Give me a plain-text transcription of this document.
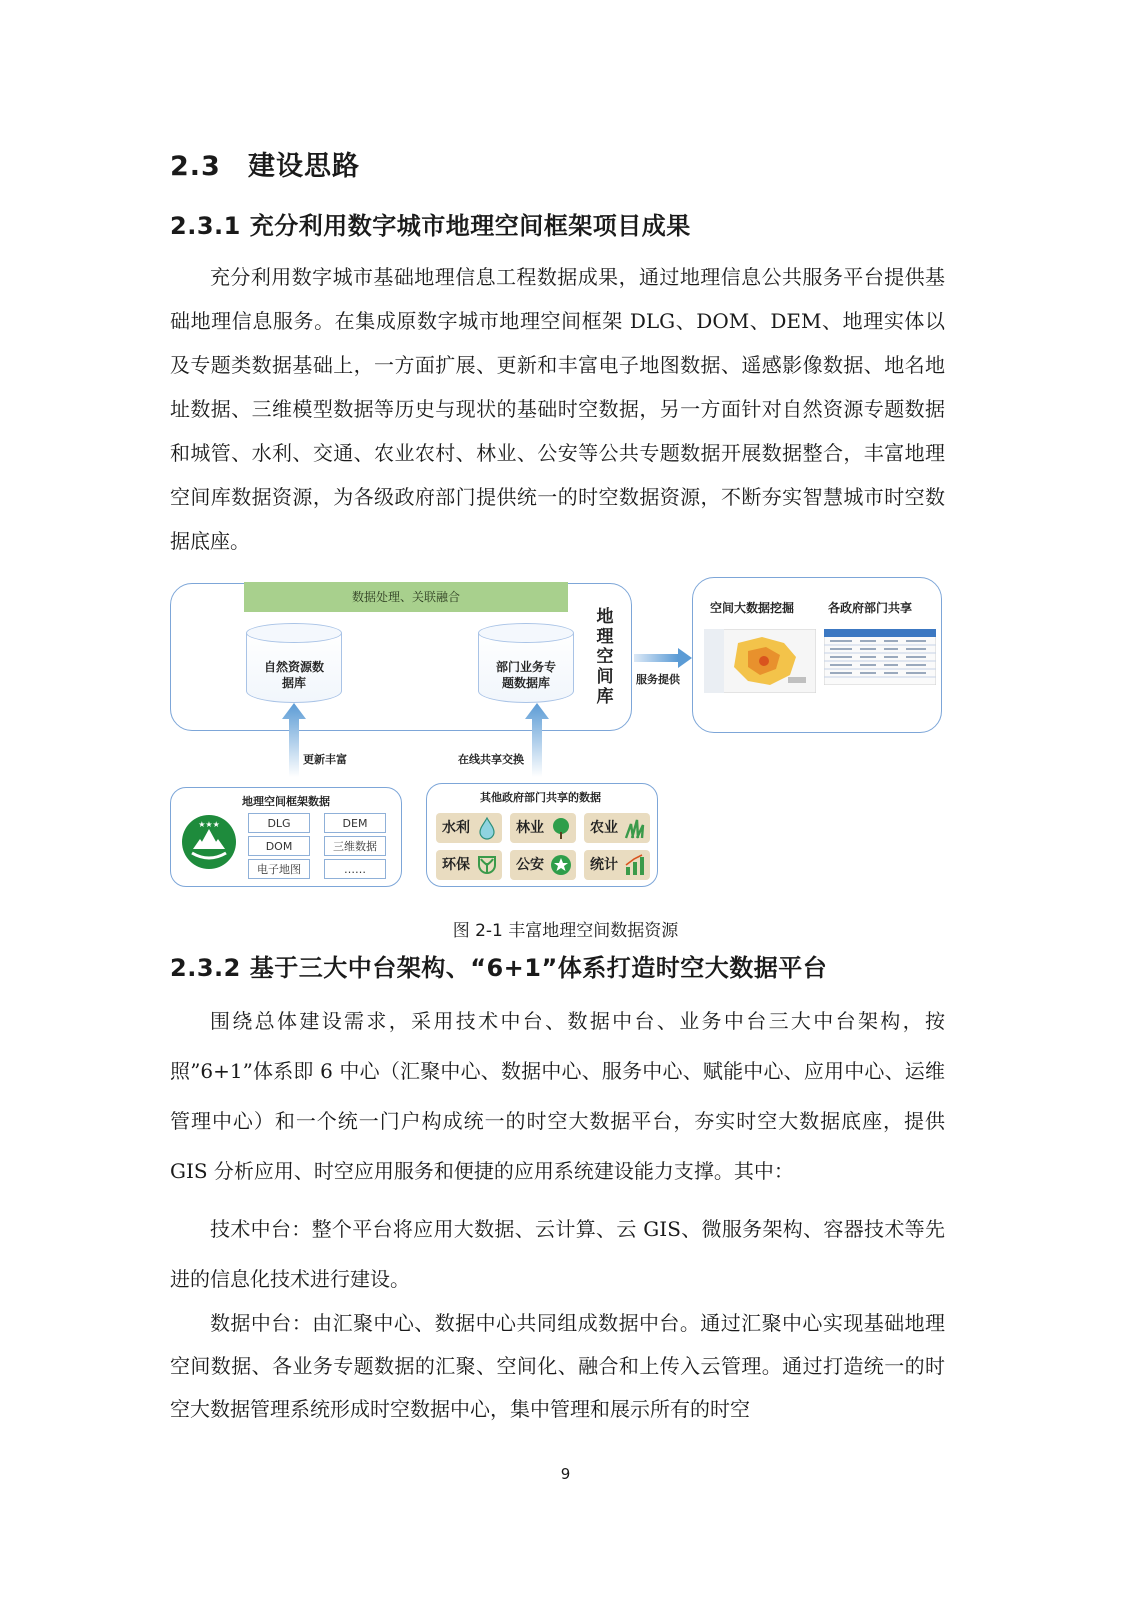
2.3 建设思路
2.3.1 充分利用数字城市地理空间框架项目成果

充分利用数字城市基础地理信息工程数据成果，通过地理信息公共服务平台提供基础地理信息服务。在集成原数字城市地理空间框架 DLG、DOM、DEM、地理实体以及专题类数据基础上，一方面扩展、更新和丰富电子地图数据、遥感影像数据、地名地址数据、三维模型数据等历史与现状的基础时空数据，另一方面针对自然资源专题数据和城管、水利、交通、农业农村、林业、公安等公共专题数据开展数据整合，丰富地理空间库数据资源，为各级政府部门提供统一的时空数据资源，不断夯实智慧城市时空数据底座。

数据处理、关联融合
自然资源数据库
部门业务专题数据库
地
理
空
间
库
服务提供
空间大数据挖掘	各政府部门共享
更新丰富	在线共享交换
地理空间框架数据
★★★	DLG	DEM
DOM	三维数据
电子地图	……
其他政府部门共享的数据
水利	林业	农业
环保	公安	统计
图 2-1 丰富地理空间数据资源
2.3.2 基于三大中台架构、“6+1”体系打造时空大数据平台

围绕总体建设需求，采用技术中台、数据中台、业务中台三大中台架构，按照”6+1”体系即 6 中心（汇聚中心、数据中心、服务中心、赋能中心、应用中心、运维管理中心）和一个统一门户构成统一的时空大数据平台，夯实时空大数据底座，提供 GIS 分析应用、时空应用服务和便捷的应用系统建设能力支撑。其中：

技术中台：整个平台将应用大数据、云计算、云 GIS、微服务架构、容器技术等先进的信息化技术进行建设。

数据中台：由汇聚中心、数据中心共同组成数据中台。通过汇聚中心实现基础地理空间数据、各业务专题数据的汇聚、空间化、融合和上传入云管理。通过打造统一的时空大数据管理系统形成时空数据中心，集中管理和展示所有的时空

9
